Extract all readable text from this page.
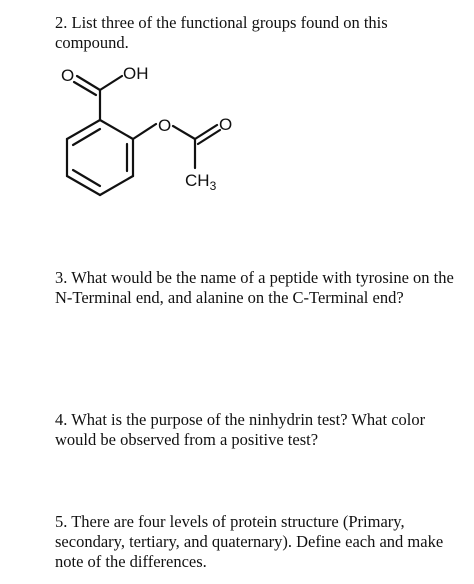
2. List three of the functional groups found on this compound.

O	OH
O	O
$CH_3$

3. What would be the name of a peptide with tyrosine on the N-Terminal end, and alanine on the C-Terminal end?

4. What is the purpose of the ninhydrin test? What color would be observed from a positive test?

5. There are four levels of protein structure (Primary, secondary, tertiary, and quaternary). Define each and make note of the differences.
